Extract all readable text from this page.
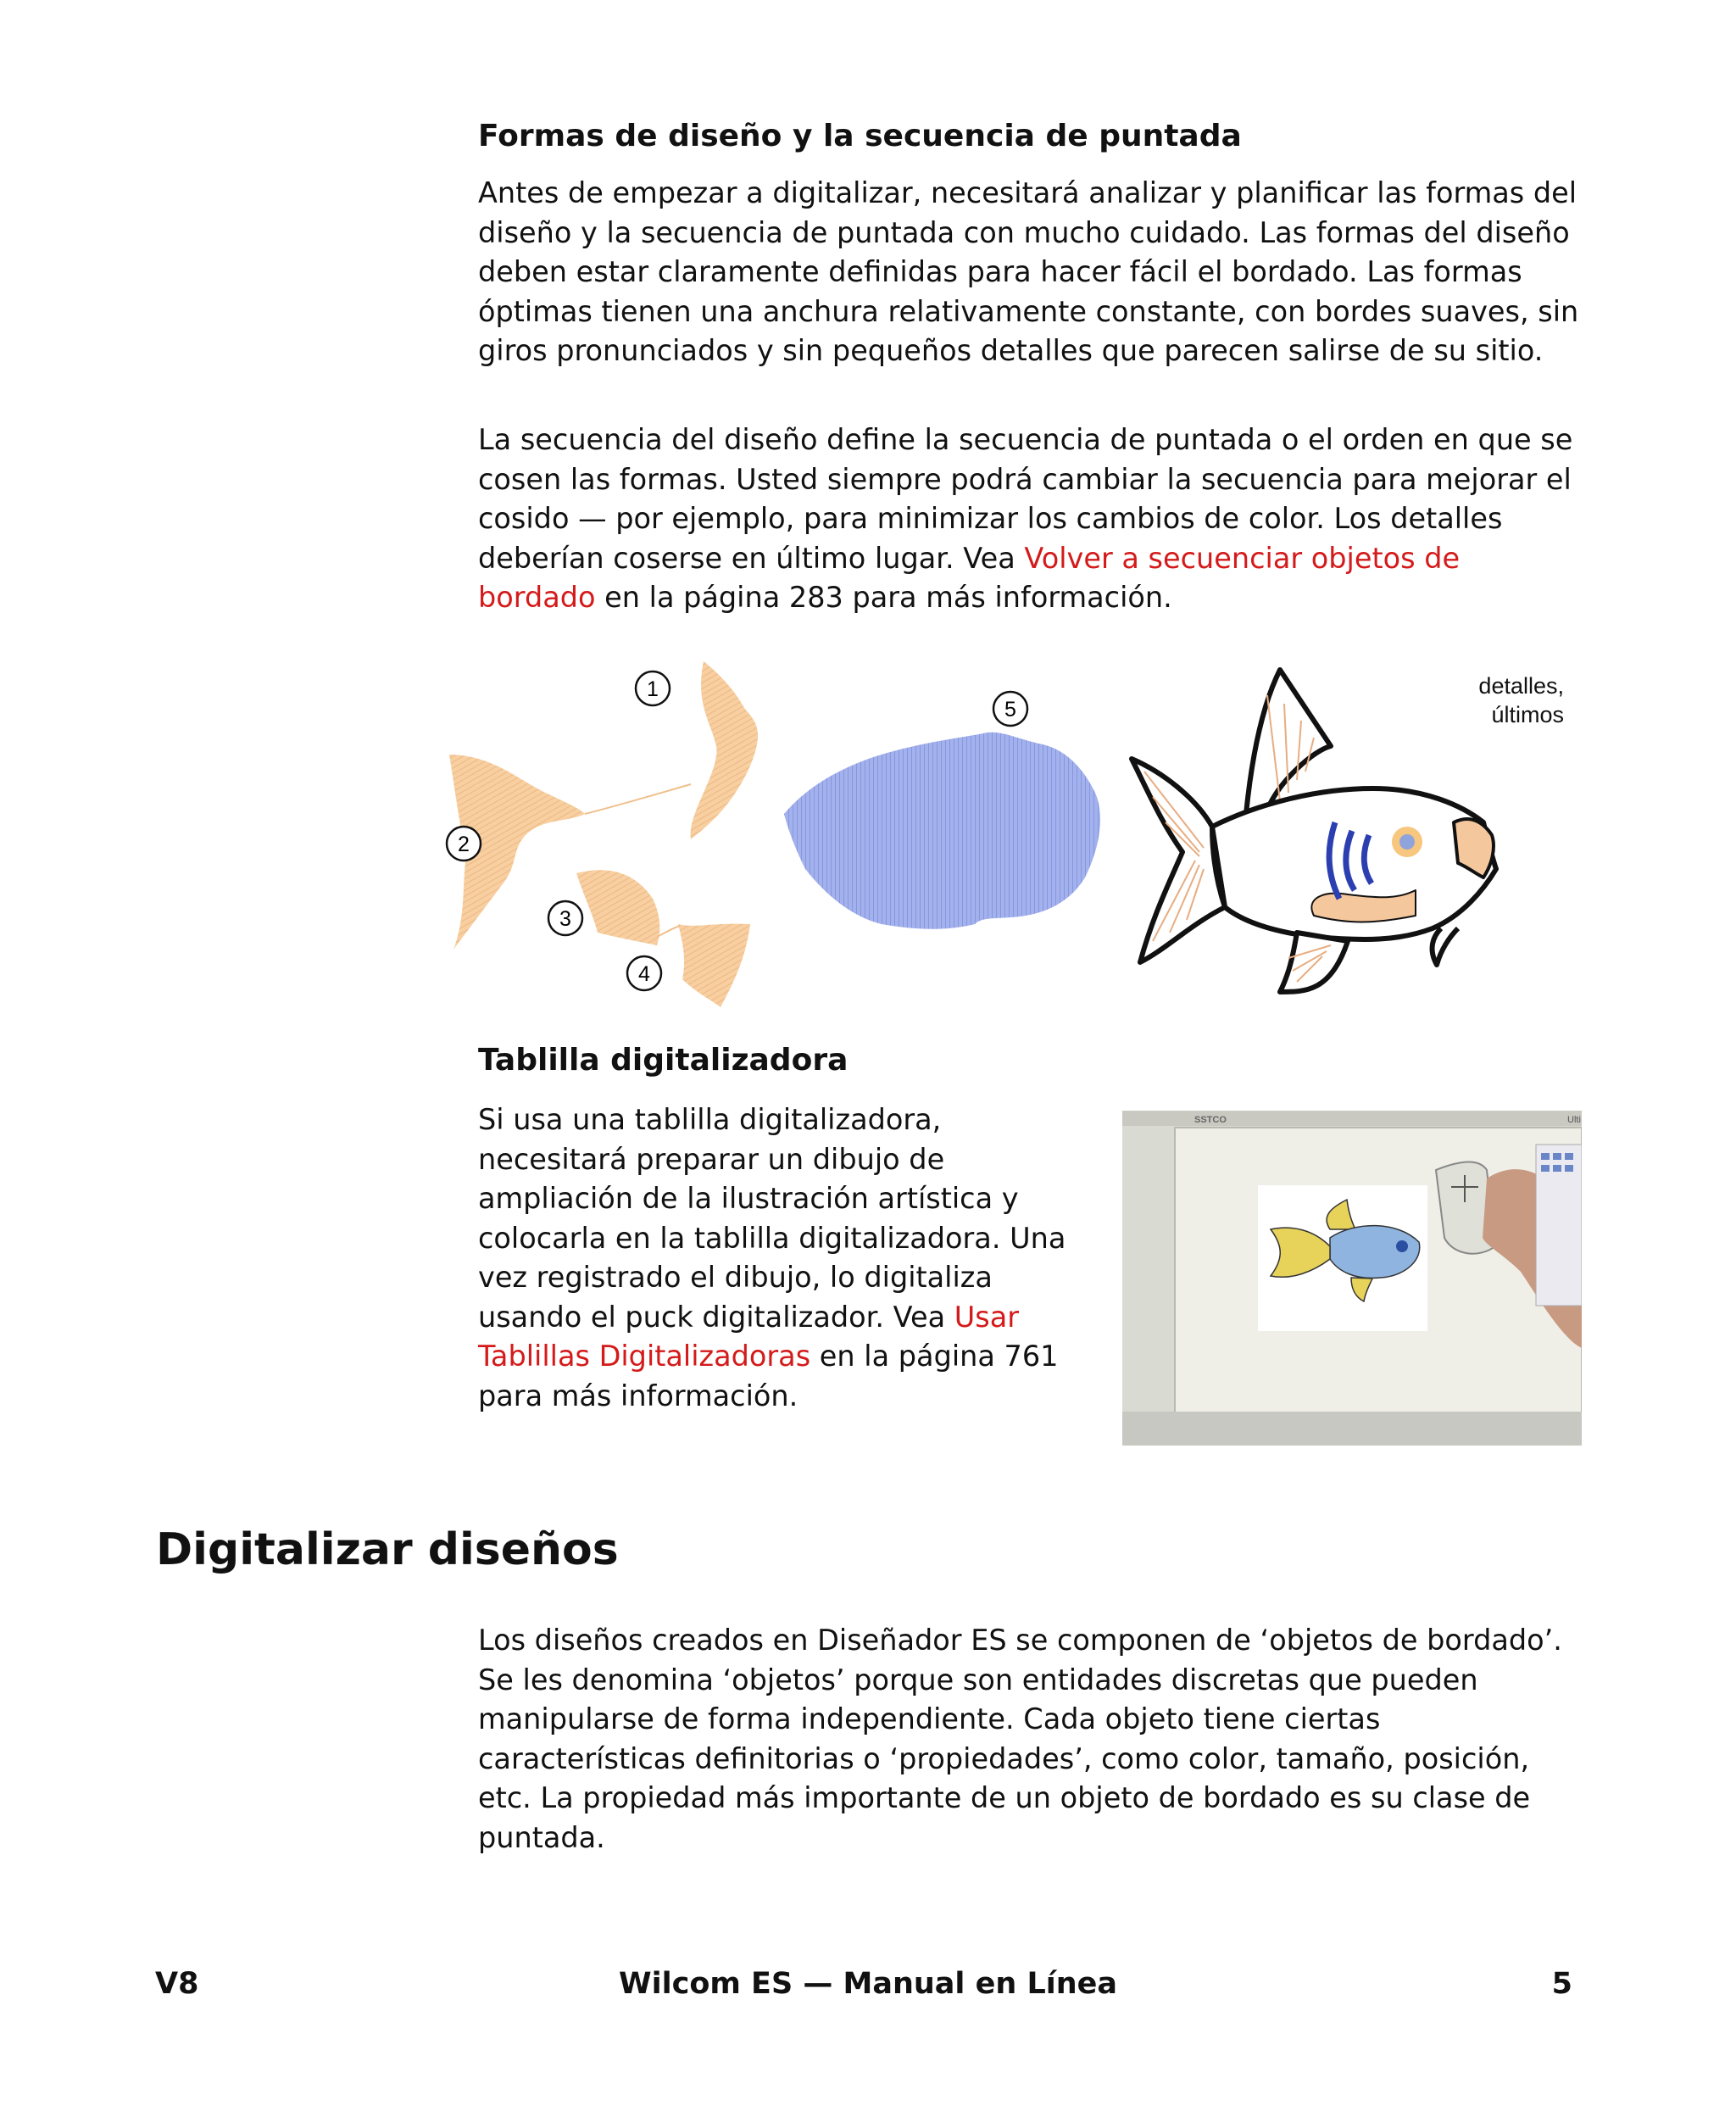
Formas de diseño y la secuencia de puntada

Antes de empezar a digitalizar, necesitará analizar y planificar las formas del diseño y la secuencia de puntada con mucho cuidado. Las formas del diseño deben estar claramente definidas para hacer fácil el bordado. Las formas óptimas tienen una anchura relativamente constante, con bordes suaves, sin giros pronunciados y sin pequeños detalles que parecen salirse de su sitio.

La secuencia del diseño define la secuencia de puntada o el orden en que se cosen las formas. Usted siempre podrá cambiar la secuencia para mejorar el cosido — por ejemplo, para minimizar los cambios de color. Los detalles deberían coserse en último lugar. Vea Volver a secuenciar objetos de bordado en la página 283 para más información.

1
2
3
4
5
detalles,
últimos
Tablilla digitalizadora

Si usa una tablilla digitalizadora, necesitará preparar un dibujo de ampliación de la ilustración artística y colocarla en la tablilla digitalizadora. Una vez registrado el dibujo, lo digitaliza usando el puck digitalizador. Vea Usar Tablillas Digitalizadoras en la página 761 para más información.

SSTCO	Ulti
Digitalizar diseños

Los diseños creados en Diseñador ES se componen de ‘objetos de bordado’. Se les denomina ‘objetos’ porque son entidades discretas que pueden manipularse de forma independiente. Cada objeto tiene ciertas características definitorias o ‘propiedades’, como color, tamaño, posición, etc. La propiedad más importante de un objeto de bordado es su clase de puntada.

V8	Wilcom ES — Manual en Línea	5
